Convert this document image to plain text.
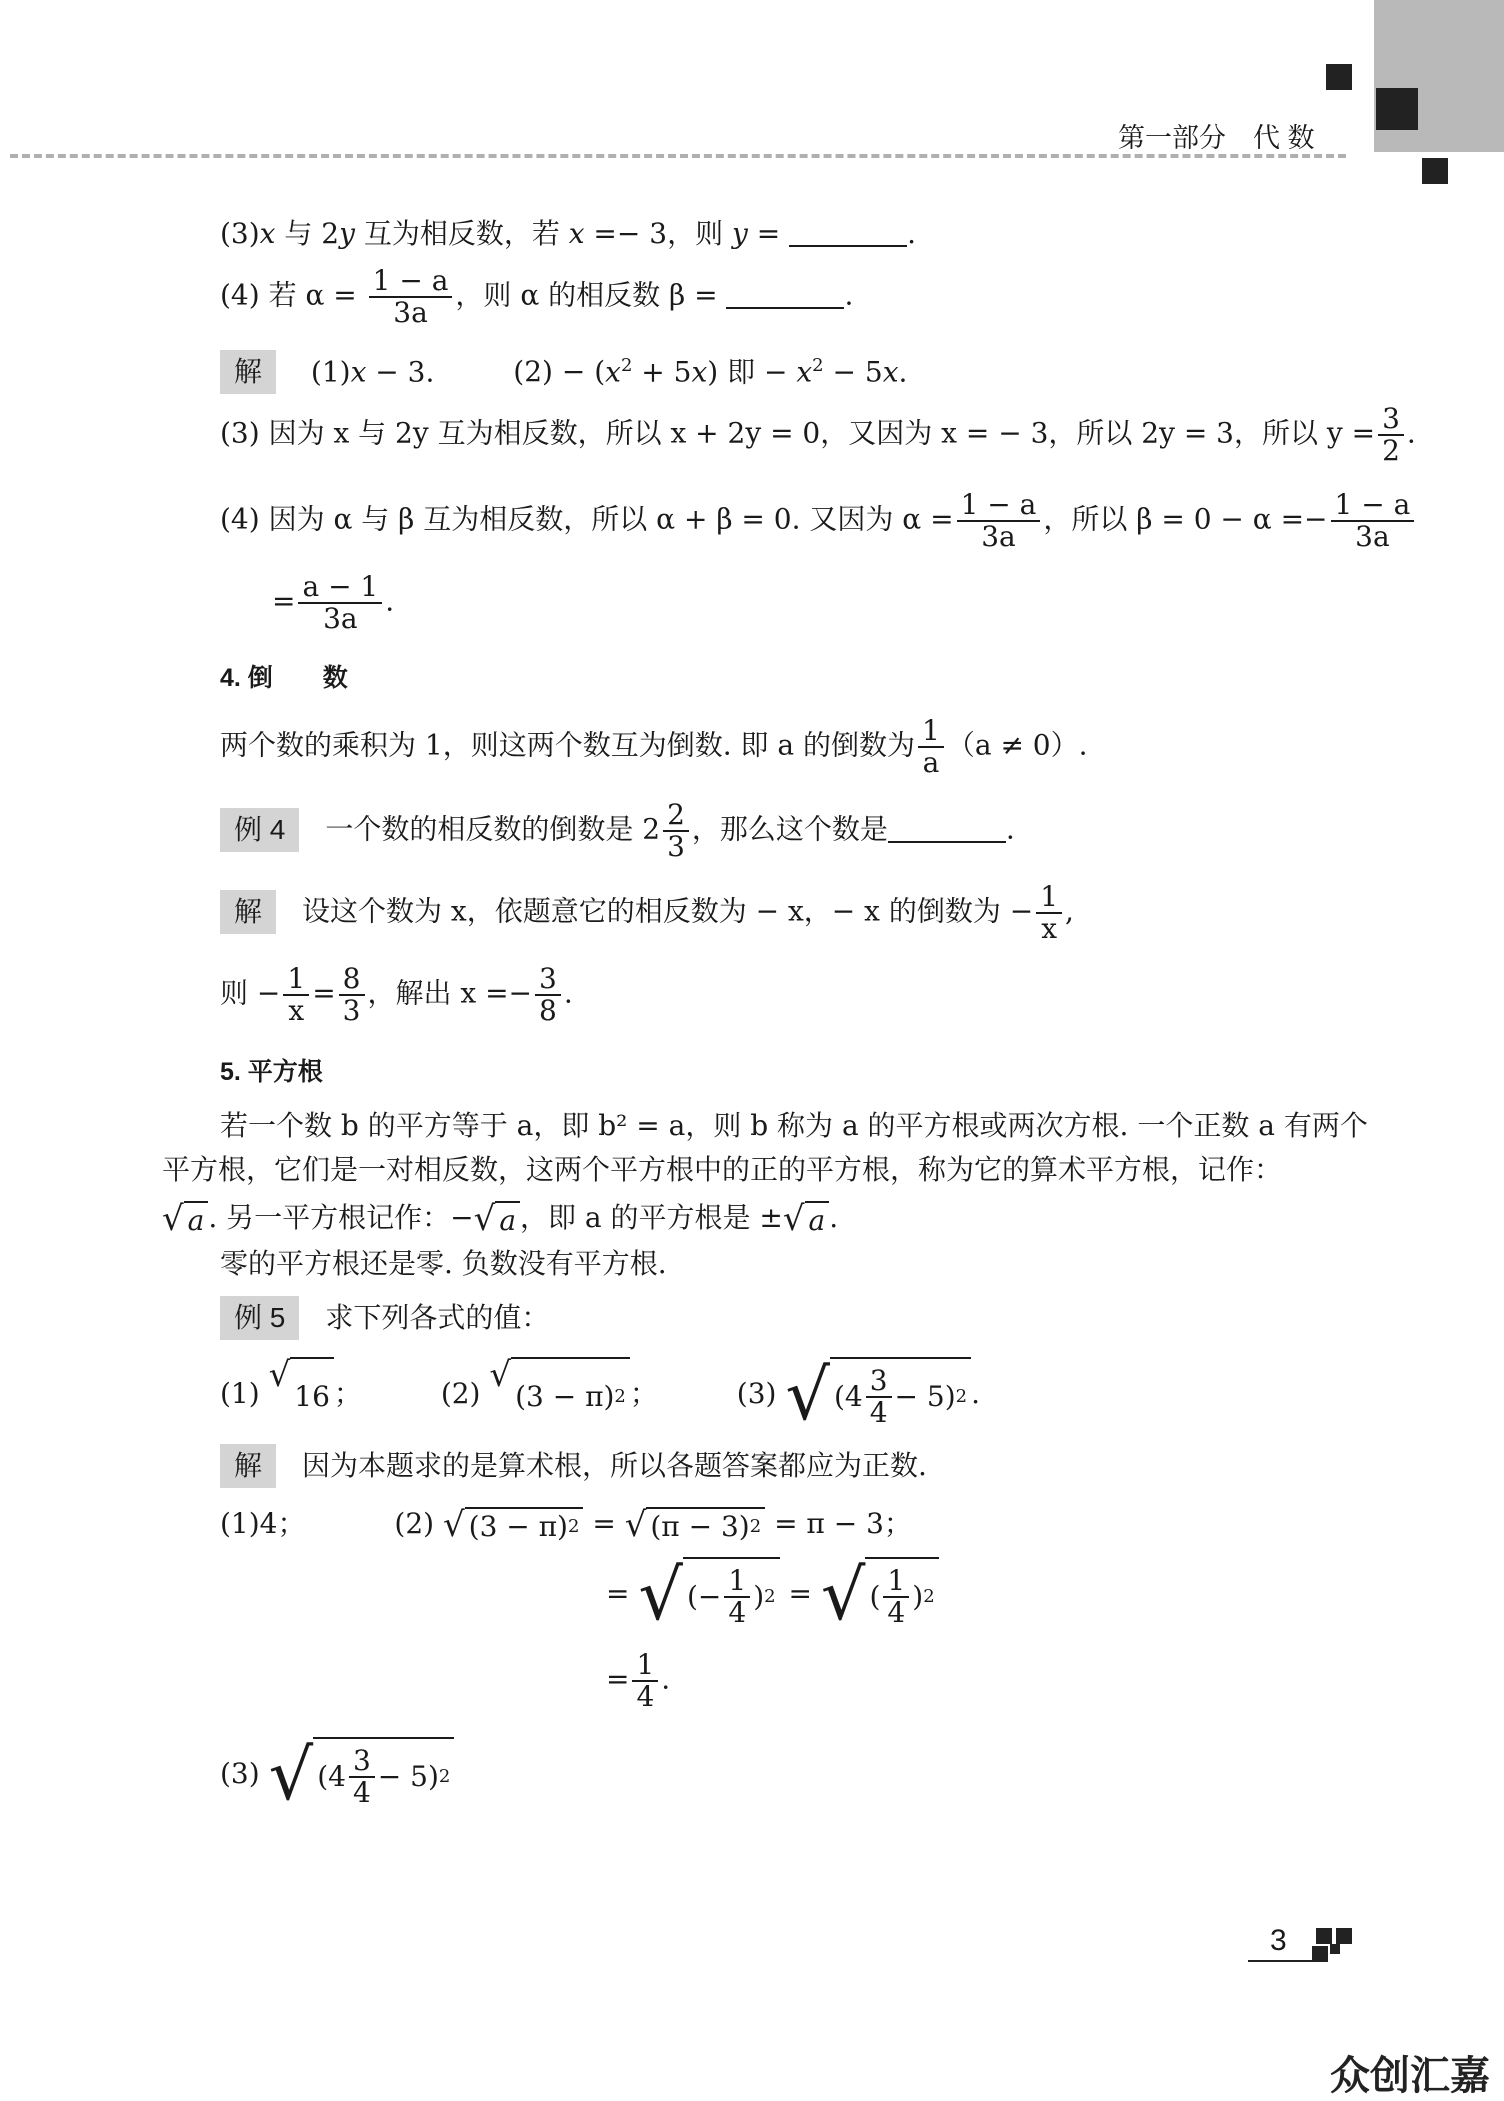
第一部分　代 数
(3)x 与 2y 互为相反数，若 x =− 3，则 y =	.
(4) 若 $\alpha = \frac{1 - a}{3a}$ ，则 α 的相反数 β =	.
解 (1)x − 3.	$(2) - (x^2 + 5x)$ 即 − $x^2 - 5x$.
(3) 因为 x 与 2y 互为相反数，所以 x + 2y = 0，又因为 x = − 3，所以 2y = 3，所以 $y = \frac{3}{2}$ .
(4) 因为 α 与 β 互为相反数，所以 α + β = 0. 又因为 $\alpha = \frac{1 - a}{3a}$ ，所以 $\beta = 0 - \alpha =- \frac{1 - a}{3a}$
= $\frac{a - 1}{3a}$ .
4. 倒　　数
两个数的乘积为 1，则这两个数互为倒数. 即 a 的倒数为 $\frac{1}{a} (a \ne 0)$.
例 4 一个数的相反数的倒数是 $2 \frac{2}{3}$ ，那么这个数是	.
解 设这个数为 x，依题意它的相反数为 − x，− x 的倒数为 − $\frac{1}{x}$ ,
则 − $\frac{1}{x} = \frac{8}{3}$ ，解出 $x =- \frac{3}{8}$ .
5. 平方根
若一个数 b 的平方等于 a，即 b² = a，则 b 称为 a 的平方根或两次方根. 一个正数 a 有两个
平方根，它们是一对相反数，这两个平方根中的正的平方根，称为它的算术平方根，记作：
√ a . 另一平方根记作：− √ a ，即 a 的平方根是 ± √ a .
零的平方根还是零. 负数没有平方根.
例 5 求下列各式的值：
(1) √
16 ；	(2) √
(3 − π) 2 ；	(3) √ $(4 \frac{3}{4} - 5)$ 2 .
解 因为本题求的是算术根，所以各题答案都应为正数.
(1)4；	(2) √ (3 − π) 2 = √ (π − 3) 2 = π − 3；
= √ (− $\frac{1}{4}$ ) 2 = √ ( $\frac{1}{4}$ ) 2
= $\frac{1}{4}$ .
(3) √ $(4 \frac{3}{4} - 5)$ 2
3
众创汇嘉
